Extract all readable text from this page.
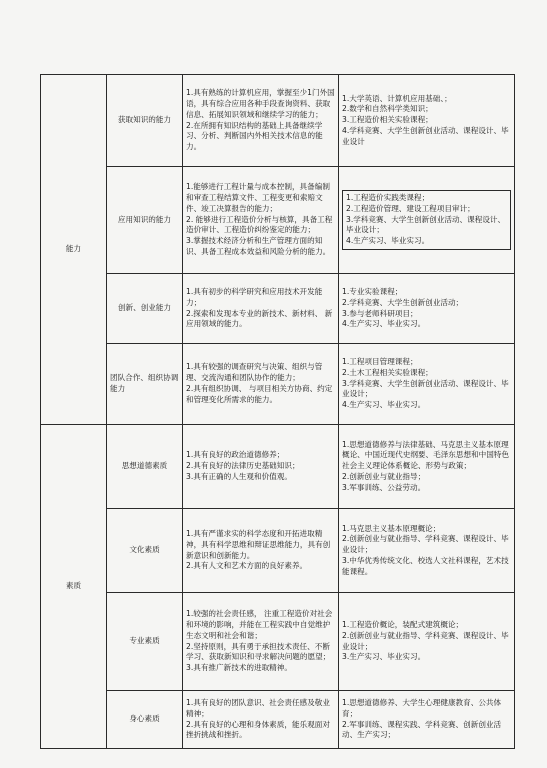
能力	获取知识的能力	1.具有熟练的计算机应用，掌握至少1门外国语，具有综合应用各种手段查询资料、获取信息、拓展知识领域和继续学习的能力；
2.在所拥有知识结构的基础上具备继续学习、分析、判断国内外相关技术信息的能力。	1.大学英语、计算机应用基础、；
2.数学和自然科学类知识；
3.工程造价相关实验课程；
4.学科竞赛、大学生创新创业活动、课程设计、毕业设计

	应用知识的能力	1.能够进行工程计量与成本控制，具备编制和审查工程结算文件、工程变更和索赔文件、竣工决算报告的能力；
2. 能够进行工程造价分析与核算，具备工程造价审计、工程造价纠纷鉴定的能力；
3.掌握技术经济分析和生产管理方面的知识、具备工程成本效益和风险分析的能力。	1.工程造价实践类课程；
2.工程造价管理、建设工程项目审计；
3.学科竞赛、大学生创新创业活动、课程设计、毕业设计；
4.生产实习、毕业实习。

	创新、创业能力	1.具有初步的科学研究和应用技术开发能力；
2.探索和发现本专业的新技术、新材料、 新应用领域的能力。	1.专业实验课程；
2.学科竞赛、大学生创新创业活动；
3.参与老师科研项目；
4.生产实习、毕业实习。

	团队合作、组织协调能力	1.具有较强的调查研究与决策、组织与管理、交流沟通和团队协作的能力；
2.具有组织协调、 与项目相关方协商、约定和管理变化所需求的能力。	1.工程项目管理课程；
2.土木工程相关实验课程；
3.学科竞赛、大学生创新创业活动、课程设计、毕业设计；
4.生产实习、毕业实习。

素质	思想道德素质	1.具有良好的政治道德修养；
2.具有良好的法律历史基础知识；
3.具有正确的人生观和价值观。	1.思想道德修养与法律基础、马克思主义基本原理概论、中国近现代史纲要、毛泽东思想和中国特色社会主义理论体系概论、形势与政策；
2.创新创业与就业指导；
3.军事训练、公益劳动。

	文化素质	1.具有严谨求实的科学态度和开拓进取精神，具有科学思维和辩证思维能力，具有创新意识和创新能力。
2.具有人文和艺术方面的良好素养。	1.马克思主义基本原理概论；
2.创新创业与就业指导、学科竞赛、课程设计、毕业设计；
3.中华优秀传统文化、校选人文社科课程，艺术技能课程。

	专业素质	1.较强的社会责任感， 注重工程造价对社会和环境的影响，并能在工程实践中自觉维护生态文明和社会和谐；
2.坚持原则，具有勇于承担技术责任、不断学习、获取新知识和寻求解决问题的愿望；
3.具有推广新技术的进取精神。	1.工程造价概论，装配式建筑概论；
2.创新创业与就业指导、学科竞赛、课程设计、毕业设计；
3.生产实习、毕业实习。

	身心素质	1.具有良好的团队意识、社会责任感及敬业精神；
2.具有良好的心理和身体素质，能乐观面对挫折挑战和挫折。	1.思想道德修养、大学生心理健康教育、公共体育；
2.军事训练、课程实践、学科竞赛、创新创业活动、生产实习；
